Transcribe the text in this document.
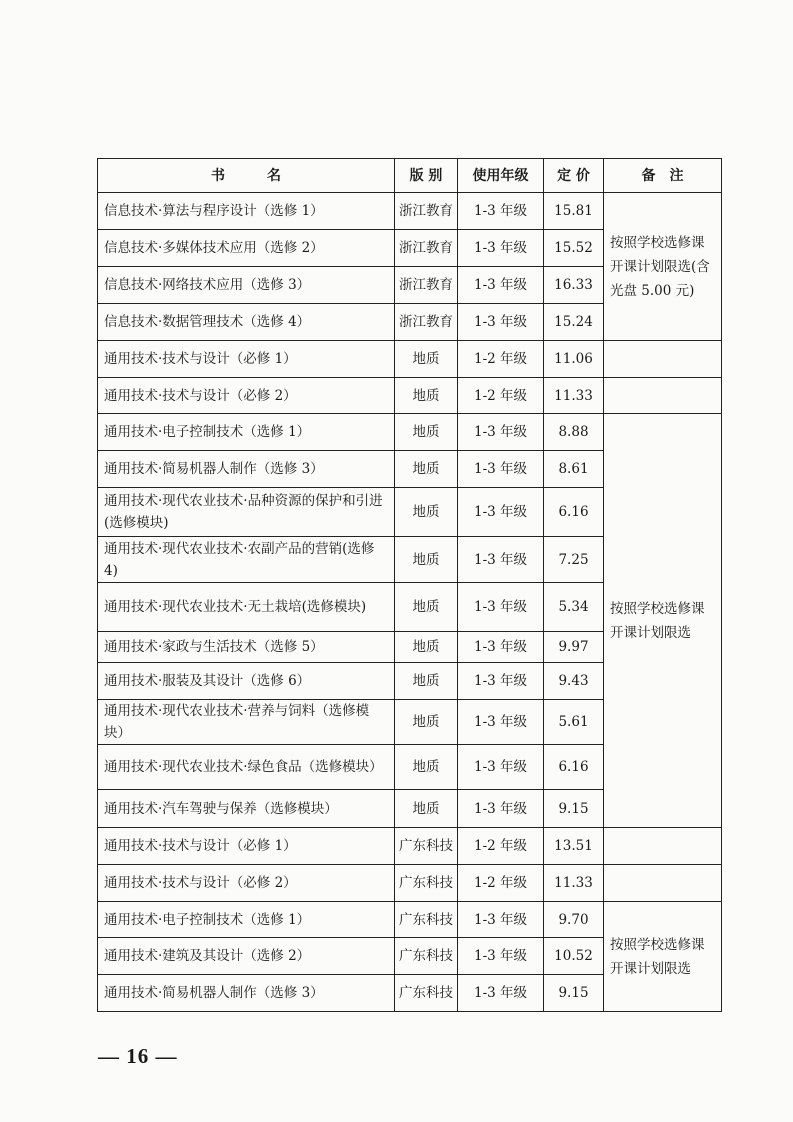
书　　　名	版 别	使用年级	定 价	备　注
信息技术·算法与程序设计（选修 1）	浙江教育	1-3 年级	15.81	按照学校选修课开课计划限选(含光盘 5.00 元)
信息技术·多媒体技术应用（选修 2）	浙江教育	1-3 年级	15.52	
信息技术·网络技术应用（选修 3）	浙江教育	1-3 年级	16.33	
信息技术·数据管理技术（选修 4）	浙江教育	1-3 年级	15.24	
通用技术·技术与设计（必修 1）	地质	1-2 年级	11.06	
通用技术·技术与设计（必修 2）	地质	1-2 年级	11.33	
通用技术·电子控制技术（选修 1）	地质	1-3 年级	8.88	按照学校选修课开课计划限选
通用技术·简易机器人制作（选修 3）	地质	1-3 年级	8.61	
通用技术·现代农业技术·品种资源的保护和引进(选修模块)	地质	1-3 年级	6.16	
通用技术·现代农业技术·农副产品的营销(选修 4)	地质	1-3 年级	7.25	
通用技术·现代农业技术·无土栽培(选修模块)	地质	1-3 年级	5.34	
通用技术·家政与生活技术（选修 5）	地质	1-3 年级	9.97	
通用技术·服装及其设计（选修 6）	地质	1-3 年级	9.43	
通用技术·现代农业技术·营养与饲料（选修模块）	地质	1-3 年级	5.61	
通用技术·现代农业技术·绿色食品（选修模块）	地质	1-3 年级	6.16	
通用技术·汽车驾驶与保养（选修模块）	地质	1-3 年级	9.15	
通用技术·技术与设计（必修 1）	广东科技	1-2 年级	13.51	
通用技术·技术与设计（必修 2）	广东科技	1-2 年级	11.33	
通用技术·电子控制技术（选修 1）	广东科技	1-3 年级	9.70	按照学校选修课开课计划限选
通用技术·建筑及其设计（选修 2）	广东科技	1-3 年级	10.52	
通用技术·简易机器人制作（选修 3）	广东科技	1-3 年级	9.15	
— 16 —
